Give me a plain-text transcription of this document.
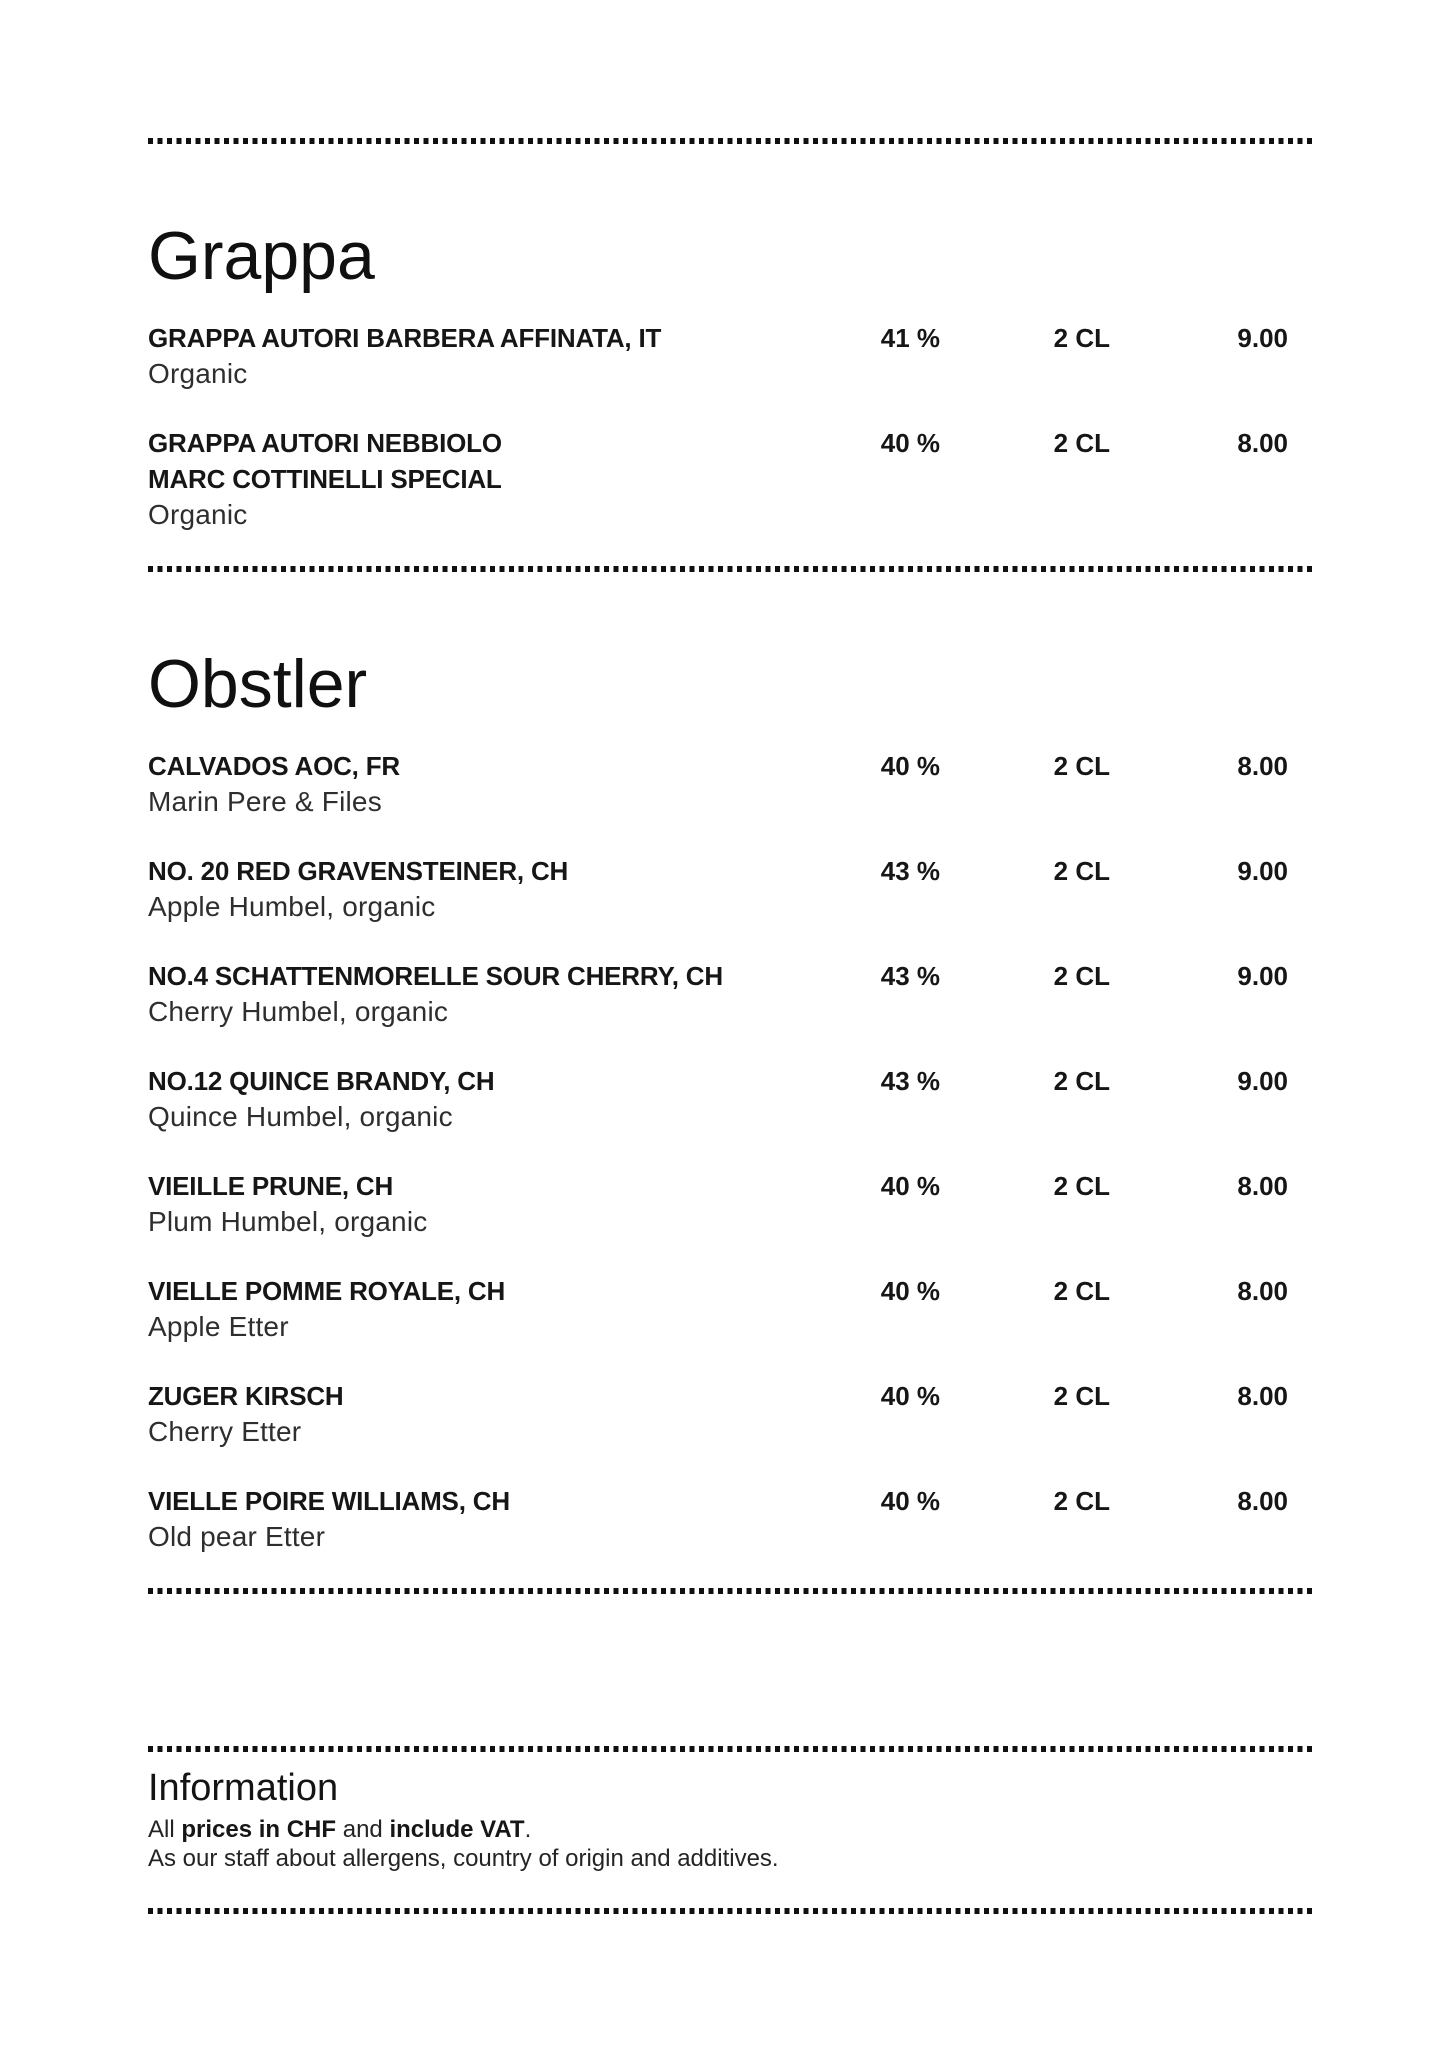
Grappa
GRAPPA AUTORI BARBERA AFFINATA, IT
Organic
41 %	2 CL	9.00
GRAPPA AUTORI NEBBIOLO
MARC COTTINELLI SPECIAL
Organic
40 %	2 CL	8.00
Obstler
CALVADOS AOC, FR
Marin Pere & Files
40 %	2 CL	8.00
NO. 20 RED GRAVENSTEINER, CH
Apple Humbel, organic
43 %	2 CL	9.00
NO.4 SCHATTENMORELLE SOUR CHERRY, CH
Cherry Humbel, organic
43 %	2 CL	9.00
NO.12 QUINCE BRANDY, CH
Quince Humbel, organic
43 %	2 CL	9.00
VIEILLE PRUNE, CH
Plum Humbel, organic
40 %	2 CL	8.00
VIELLE POMME ROYALE, CH
Apple Etter
40 %	2 CL	8.00
ZUGER KIRSCH
Cherry Etter
40 %	2 CL	8.00
VIELLE POIRE WILLIAMS, CH
Old pear Etter
40 %	2 CL	8.00
Information

All prices in CHF and include VAT.

As our staff about allergens, country of origin and additives.
